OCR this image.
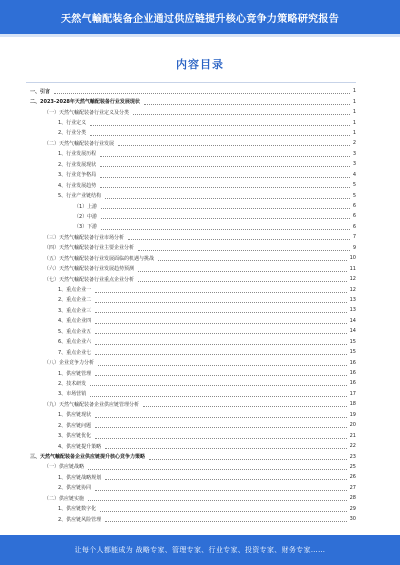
天然气輸配装备企业通过供应链提升核心竞争力策略研究报告
内容目录
一、引言	1
二、2023-2028年天然气輸配装备行业发展现状	1
（一）天然气輸配装备行业定义及分类	1
1、行业定义	1
2、行业分类	1
（二）天然气輸配装备行业发展	2
1、行业发展历程	3
2、行业发展现状	3
3、行业竞争格局	4
4、行业发展趋势	5
5、行业产业链结构	5
（1）上游	6
（2）中游	6
（3）下游	6
（三）天然气輸配装备行业市场分析	7
（四）天然气輸配装备行业主要企业分析	9
（五）天然气輸配装备行业发展面临的机遇与挑战	10
（六）天然气輸配装备行业发展趋势预测	11
（七）天然气輸配装备行业重点企业分析	12
1、重点企业一	12
2、重点企业二	13
3、重点企业三	13
4、重点企业四	14
5、重点企业五	14
6、重点企业六	15
7、重点企业七	15
（八）企业竞争力分析	16
1、供应链管理	16
2、技术研发	16
3、市场营销	17
（九）天然气輸配装备企业供应链管理分析	18
1、供应链现状	19
2、供应链问题	20
3、供应链优化	21
4、供应链提升策略	22
三、天然气輸配装备企业供应链提升核心竞争力策略	23
（一）供应链战略	25
1、供应链战略规划	26
2、供应链协同	27
（二）供应链实施	28
1、供应链数字化	29
2、供应链风险管理	30
让每个人都能成为 战略专家、管理专家、行业专家、投资专家、财务专家……
